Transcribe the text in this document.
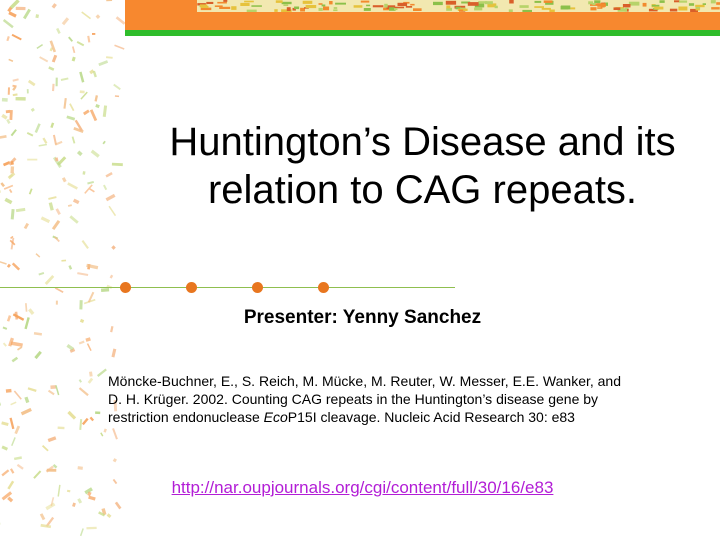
Huntington’s Disease and its
relation to CAG repeats.
Presenter: Yenny Sanchez
Möncke-Buchner, E., S. Reich, M. Mücke, M. Reuter, W. Messer, E.E. Wanker, and D. H. Krüger. 2002. Counting CAG repeats in the Huntington’s disease gene by restriction endonuclease EcoP15I cleavage. Nucleic Acid Research 30: e83
http://nar.oupjournals.org/cgi/content/full/30/16/e83
